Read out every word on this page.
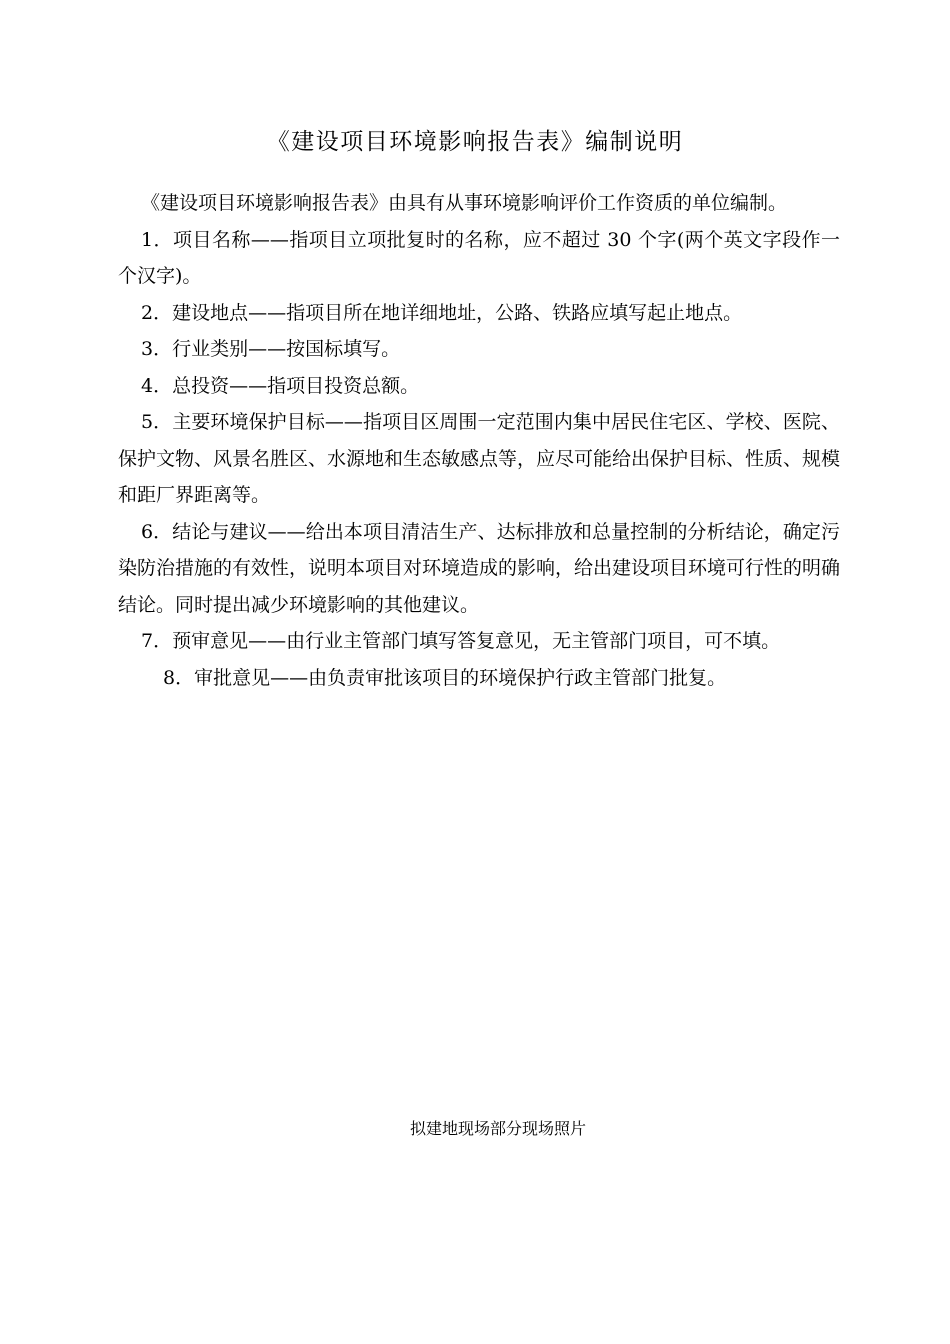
《建设项目环境影响报告表》编制说明

《建设项目环境影响报告表》由具有从事环境影响评价工作资质的单位编制。

1．项目名称——指项目立项批复时的名称，应不超过 30 个字(两个英文字段作一个汉字)。

2．建设地点——指项目所在地详细地址，公路、铁路应填写起止地点。

3．行业类别——按国标填写。

4．总投资——指项目投资总额。

5．主要环境保护目标——指项目区周围一定范围内集中居民住宅区、学校、医院、保护文物、风景名胜区、水源地和生态敏感点等，应尽可能给出保护目标、性质、规模和距厂界距离等。

6．结论与建议——给出本项目清洁生产、达标排放和总量控制的分析结论，确定污染防治措施的有效性，说明本项目对环境造成的影响，给出建设项目环境可行性的明确结论。同时提出减少环境影响的其他建议。

7．预审意见——由行业主管部门填写答复意见，无主管部门项目，可不填。

8．审批意见——由负责审批该项目的环境保护行政主管部门批复。

拟建地现场部分现场照片
